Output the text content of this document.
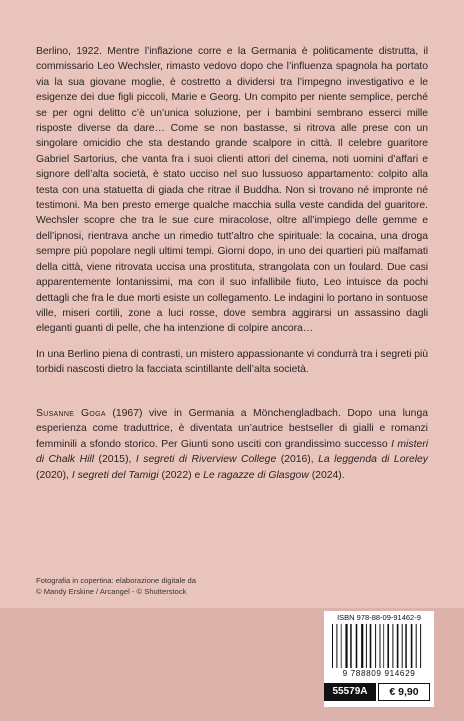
Berlino, 1922. Mentre l’inflazione corre e la Germania è politicamente distrutta, il commissario Leo Wechsler, rimasto vedovo dopo che l’influenza spagnola ha portato via la sua giovane moglie, è costretto a dividersi tra l’impegno investigativo e le esigenze dei due figli piccoli, Marie e Georg. Un compito per niente semplice, perché se per ogni delitto c’è un’unica soluzione, per i bambini sembrano esserci mille risposte diverse da dare… Come se non bastasse, si ritrova alle prese con un singolare omicidio che sta destando grande scalpore in città. Il celebre guaritore Gabriel Sartorius, che vanta fra i suoi clienti attori del cinema, noti uomini d’affari e signore dell’alta società, è stato ucciso nel suo lussuoso appartamento: colpito alla testa con una statuetta di giada che ritrae il Buddha. Non si trovano né impronte né testimoni. Ma ben presto emerge qualche macchia sulla veste candida del guaritore. Wechsler scopre che tra le sue cure miracolose, oltre all’impiego delle gemme e dell’ipnosi, rientrava anche un rimedio tutt’altro che spirituale: la cocaina, una droga sempre più popolare negli ultimi tempi. Giorni dopo, in uno dei quartieri più malfamati della città, viene ritrovata uccisa una prostituta, strangolata con un foulard. Due casi apparentemente lontanissimi, ma con il suo infallibile fiuto, Leo intuisce da pochi dettagli che fra le due morti esiste un collegamento. Le indagini lo portano in sontuose ville, miseri cortili, zone a luci rosse, dove sembra aggirarsi un assassino dagli eleganti guanti di pelle, che ha intenzione di colpire ancora…

In una Berlino piena di contrasti, un mistero appassionante vi condurrà tra i segreti più torbidi nascosti dietro la facciata scintillante dell’alta società.

Susanne Goga (1967) vive in Germania a Mönchengladbach. Dopo una lunga esperienza come traduttrice, è diventata un’autrice bestseller di gialli e romanzi femminili a sfondo storico. Per Giunti sono usciti con grandissimo successo I misteri di Chalk Hill (2015), I segreti di Riverview College (2016), La leggenda di Loreley (2020), I segreti del Tamigi (2022) e Le ragazze di Glasgow (2024).

Fotografia in copertina: elaborazione digitale da
© Mandy Erskine / Arcangel - © Shutterstock
ISBN 978-88-09-91462-9
9 788809 914629
55579A	€ 9,90
